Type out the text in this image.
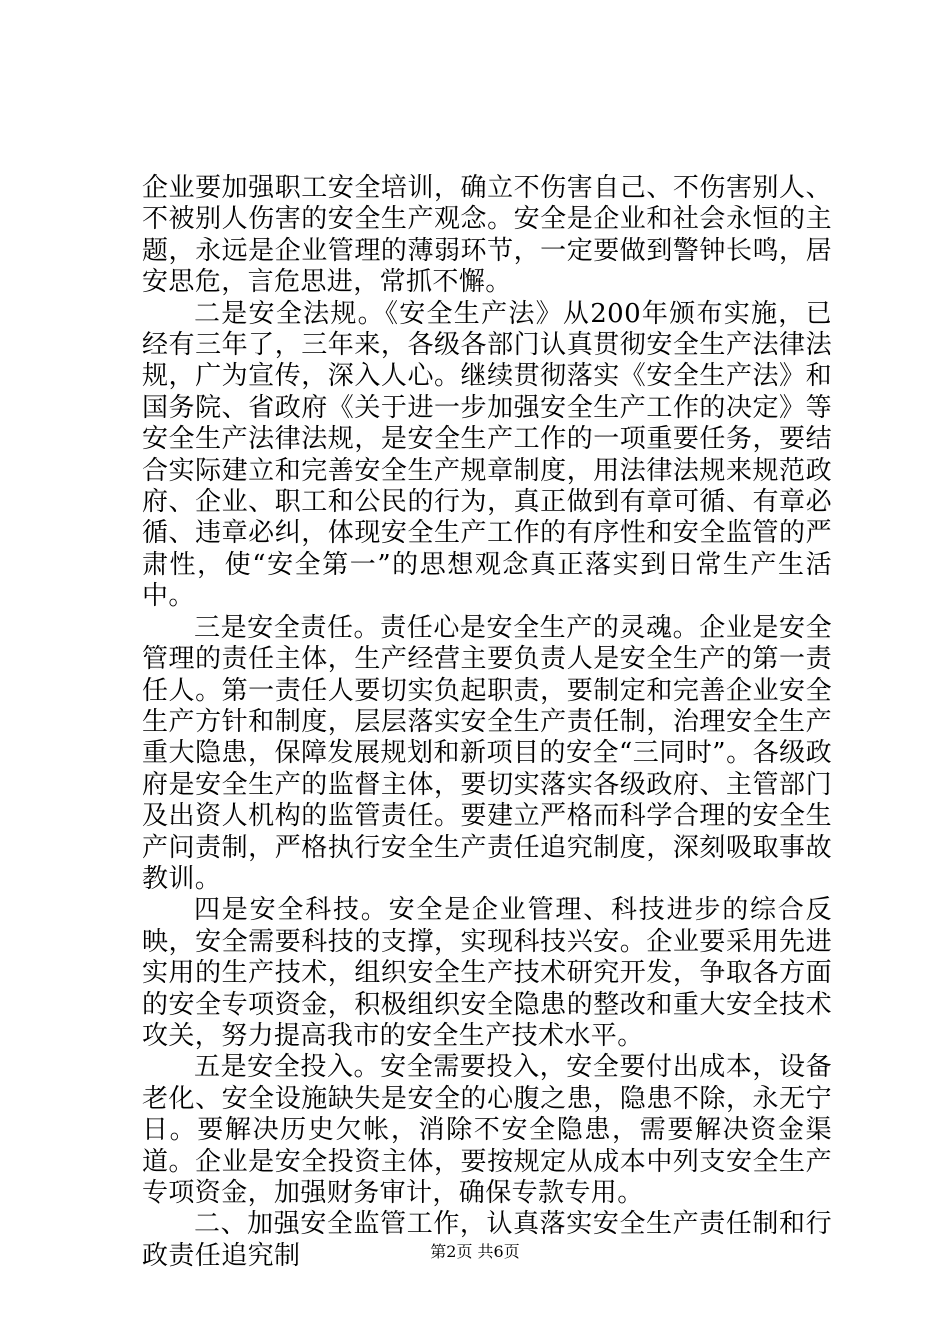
企业要加强职工安全培训，确立不伤害自己、不伤害别人、不被别人伤害的安全生产观念。安全是企业和社会永恒的主题，永远是企业管理的薄弱环节，一定要做到警钟长鸣，居安思危，言危思进，常抓不懈。

二是安全法规。《安全生产法》从200年颁布实施，已经有三年了，三年来，各级各部门认真贯彻安全生产法律法规，广为宣传，深入人心。继续贯彻落实《安全生产法》和国务院、省政府《关于进一步加强安全生产工作的决定》等安全生产法律法规，是安全生产工作的一项重要任务，要结合实际建立和完善安全生产规章制度，用法律法规来规范政府、企业、职工和公民的行为，真正做到有章可循、有章必循、违章必纠，体现安全生产工作的有序性和安全监管的严肃性，使“安全第一”的思想观念真正落实到日常生产生活中。

三是安全责任。责任心是安全生产的灵魂。企业是安全管理的责任主体，生产经营主要负责人是安全生产的第一责任人。第一责任人要切实负起职责，要制定和完善企业安全生产方针和制度，层层落实安全生产责任制，治理安全生产重大隐患，保障发展规划和新项目的安全“三同时”。各级政府是安全生产的监督主体，要切实落实各级政府、主管部门及出资人机构的监管责任。要建立严格而科学合理的安全生产问责制，严格执行安全生产责任追究制度，深刻吸取事故教训。

四是安全科技。安全是企业管理、科技进步的综合反映，安全需要科技的支撑，实现科技兴安。企业要采用先进实用的生产技术，组织安全生产技术研究开发，争取各方面的安全专项资金，积极组织安全隐患的整改和重大安全技术攻关，努力提高我市的安全生产技术水平。

五是安全投入。安全需要投入，安全要付出成本，设备老化、安全设施缺失是安全的心腹之患，隐患不除，永无宁日。要解决历史欠帐，消除不安全隐患，需要解决资金渠道。企业是安全投资主体，要按规定从成本中列支安全生产专项资金，加强财务审计，确保专款专用。

二、加强安全监管工作，认真落实安全生产责任制和行政责任追究制	第2页 共6页
